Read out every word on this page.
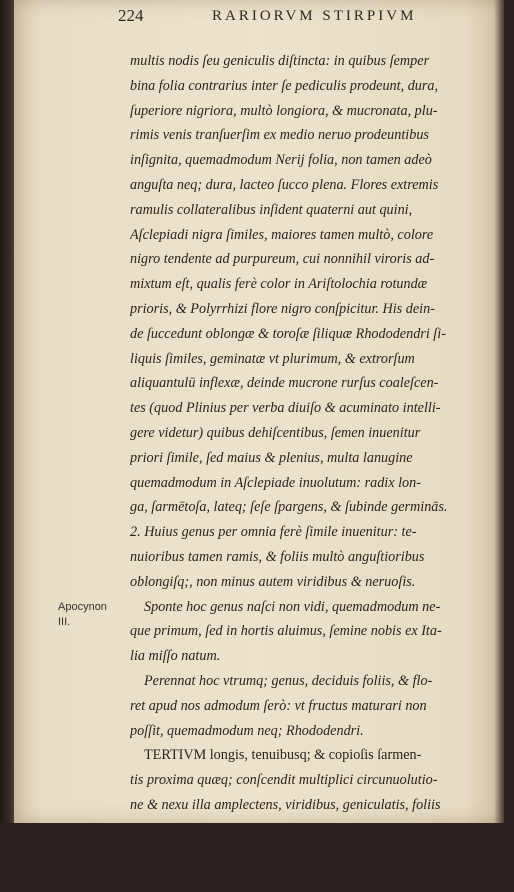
224	RARIORVM STIRPIVM
Apocynon
III.
multis nodis ſeu geniculis diſtincta: in quibus ſemper
bina folia contrarius inter ſe pediculis prodeunt, dura,
ſuperiore nigriora, multò longiora, & mucronata, plu-
rimis venis tranſuerſim ex medio neruo prodeuntibus
inſignita, quemadmodum Nerij folia, non tamen adeò
anguſta neq; dura, lacteo ſucco plena. Flores extremis
ramulis collateralibus inſident quaterni aut quini,
Aſclepiadi nigra ſimiles, maiores tamen multò, colore
nigro tendente ad purpureum, cui nonnihil viroris ad-
mixtum eſt, qualis ferè color in Ariſtolochia rotundæ
prioris, & Polyrrhizi flore nigro conſpicitur. His dein-
de ſuccedunt oblongæ & toroſæ ſiliquæ Rhododendri ſi-
liquis ſimiles, geminatæ vt plurimum, & extrorſum
aliquantulū inflexæ, deinde mucrone rurſus coaleſcen-
tes (quod Plinius per verba diuiſo & acuminato intelli-
gere videtur) quibus dehiſcentibus, ſemen inuenitur
priori ſimile, ſed maius & plenius, multa lanugine
quemadmodum in Aſclepiade inuolutum: radix lon-
ga, ſarmētoſa, lateq; ſeſe ſpargens, & ſubinde germinās.
2. Huius genus per omnia ferè ſimile inuenitur: te-
nuioribus tamen ramis, & foliis multò anguſtioribus
oblongiſq;, non minus autem viridibus & neruoſis.
Sponte hoc genus naſci non vidi, quemadmodum ne-
que primum, ſed in hortis aluimus, ſemine nobis ex Ita-
lia miſſo natum.
Perennat hoc vtrumq; genus, deciduis foliis, & flo-
ret apud nos admodum ſerò: vt fructus maturari non
poſſit, quemadmodum neq; Rhododendri.
TERTIVM longis, tenuibusq; & copioſis ſarmen-
tis proxima quæq; conſcendit multiplici circunuolutio-
ne & nexu illa amplectens, viridibus, geniculatis, foliis
hederæ mollibus, ſed cinerei coloris, & lacteo ſucco
(quemadmodum & ſarmenta) adeò turgidis, vt vel
leuiſſimo
